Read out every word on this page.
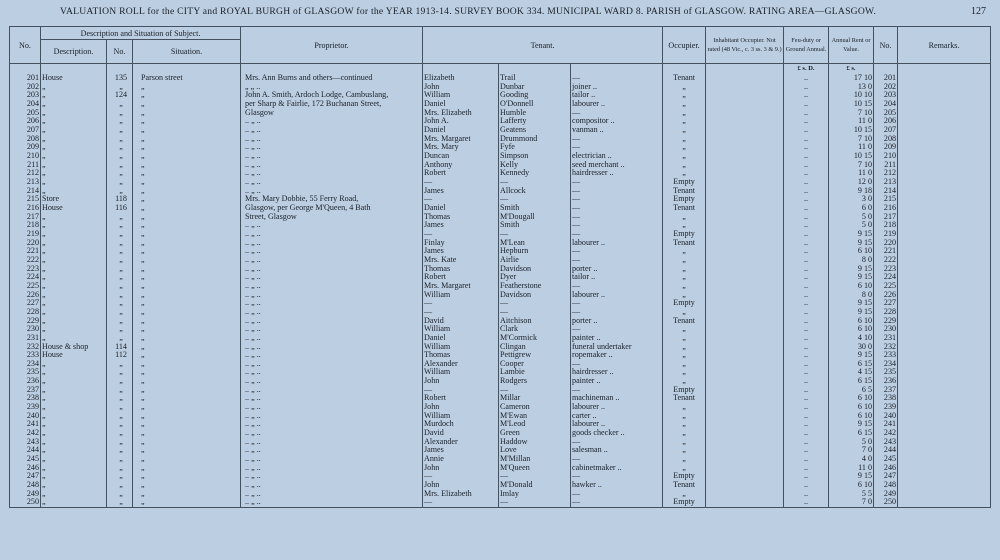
VALUATION ROLL for the CITY and ROYAL BURGH of GLASGOW for the YEAR 1913-14. SURVEY BOOK 334. MUNICIPAL WARD 8. PARISH of GLASGOW. RATING AREA—GLASGOW.	127
No.	Description and Situation of Subject.			Proprietor.	Tenant.			Occupier.	Inhabitant Occupier. Not rated (48 Vic., c. 3 ss. 3 & 9.)	Feu-duty or Ground Annual.	Annual Rent or Value.	No.	Remarks.
	Description.	No.	Situation.										
										£ s. D.	£ s.		
201	House	135	Parson street	Mrs. Ann Burns and others—continued	Elizabeth	Trail	—	Tenant		..	17 10	201	
202	„	„	„	„ „ ..	John	Dunbar	joiner ..	„		..	13 0	202	
203	„	124	„	John A. Smith, Ardoch Lodge, Cambuslang,	William	Gooding	tailor ..	„		..	10 10	203	
204	„	„	„	per Sharp & Fairlie, 172 Buchanan Street,	Daniel	O'Donnell	labourer ..	„		..	10 15	204	
205	„	„	„	Glasgow	Mrs. Elizabeth	Humble	—	„		..	7 10	205	
206	„	„	„	.. „ ..	John A.	Lafferty	compositor ..	„		..	11 0	206	
207	„	„	„	.. „ ..	Daniel	Geatens	vanman ..	„		..	10 15	207	
208	„	„	„	.. „ ..	Mrs. Margaret	Drummond	—	„		..	7 10	208	
209	„	„	„	.. „ ..	Mrs. Mary	Fyfe	—	„		..	11 0	209	
210	„	„	„	.. „ ..	Duncan	Simpson	electrician ..	„		..	10 15	210	
211	„	„	„	.. „ ..	Anthony	Kelly	seed merchant ..	„		..	7 10	211	
212	„	„	„	.. „ ..	Robert	Kennedy	hairdresser ..	„		..	11 0	212	
213	„	„	„	.. „ ..	—	—	—	Empty		..	12 0	213	
214	„	„	„	.. „ ..	James	Allcock	—	Tenant		..	9 18	214	
215	Store	118	„	Mrs. Mary Dobbie, 55 Ferry Road,	—	—	—	Empty		..	3 0	215	
216	House	116	„	Glasgow, per George M'Queen, 4 Bath	Daniel	Smith	—	Tenant		..	6 0	216	
217	„	„	„	Street, Glasgow	Thomas	M'Dougall	—	„		..	5 0	217	
218	„	„	„	.. „ ..	James	Smith	—	„		..	5 0	218	
219	„	„	„	.. „ ..	—	—	—	Empty		..	9 15	219	
220	„	„	„	.. „ ..	Finlay	M'Lean	labourer ..	Tenant		..	9 15	220	
221	„	„	„	.. „ ..	James	Hepburn	—	„		..	6 10	221	
222	„	„	„	.. „ ..	Mrs. Kate	Airlie	—	„		..	8 0	222	
223	„	„	„	.. „ ..	Thomas	Davidson	porter ..	„		..	9 15	223	
224	„	„	„	.. „ ..	Robert	Dyer	tailor ..	„		..	9 15	224	
225	„	„	„	.. „ ..	Mrs. Margaret	Featherstone	—	„		..	6 10	225	
226	„	„	„	.. „ ..	William	Davidson	labourer ..	„		..	8 0	226	
227	„	„	„	.. „ ..	—	—	—	Empty		..	9 15	227	
228	„	„	„	.. „ ..	—	—	—	„		..	9 15	228	
229	„	„	„	.. „ ..	David	Aitchison	porter ..	Tenant		..	6 10	229	
230	„	„	„	.. „ ..	William	Clark	—	„		..	6 10	230	
231	„	„	„	.. „ ..	Daniel	M'Cormick	painter ..	„		..	4 10	231	
232	House & shop	114	„	.. „ ..	William	Clingan	funeral undertaker	„		..	30 0	232	
233	House	112	„	.. „ ..	Thomas	Pettigrew	ropemaker ..	„		..	9 15	233	
234	„	„	„	.. „ ..	Alexander	Cooper	—	„		..	6 15	234	
235	„	„	„	.. „ ..	William	Lambie	hairdresser ..	„		..	4 15	235	
236	„	„	„	.. „ ..	John	Rodgers	painter ..	„		..	6 15	236	
237	„	„	„	.. „ ..	—	—	—	Empty		..	6 5	237	
238	„	„	„	.. „ ..	Robert	Millar	machineman ..	Tenant		..	6 10	238	
239	„	„	„	.. „ ..	John	Cameron	labourer ..	„		..	6 10	239	
240	„	„	„	.. „ ..	William	M'Ewan	carter ..	„		..	6 10	240	
241	„	„	„	.. „ ..	Murdoch	M'Leod	labourer ..	„		..	9 15	241	
242	„	„	„	.. „ ..	David	Green	goods checker ..	„		..	6 15	242	
243	„	„	„	.. „ ..	Alexander	Haddow	—	„		..	5 0	243	
244	„	„	„	.. „ ..	James	Love	salesman ..	„		..	7 0	244	
245	„	„	„	.. „ ..	Annie	M'Millan	—	„		..	4 0	245	
246	„	„	„	.. „ ..	John	M'Queen	cabinetmaker ..	„		..	11 0	246	
247	„	„	„	.. „ ..	—	—	—	Empty		..	9 15	247	
248	„	„	„	.. „ ..	John	M'Donald	hawker ..	Tenant		..	6 10	248	
249	„	„	„	.. „ ..	Mrs. Elizabeth	Imlay	—	„		..	5 5	249	
250	„	„	„	.. „ ..	—	—	—	Empty		..	7 0	250	
